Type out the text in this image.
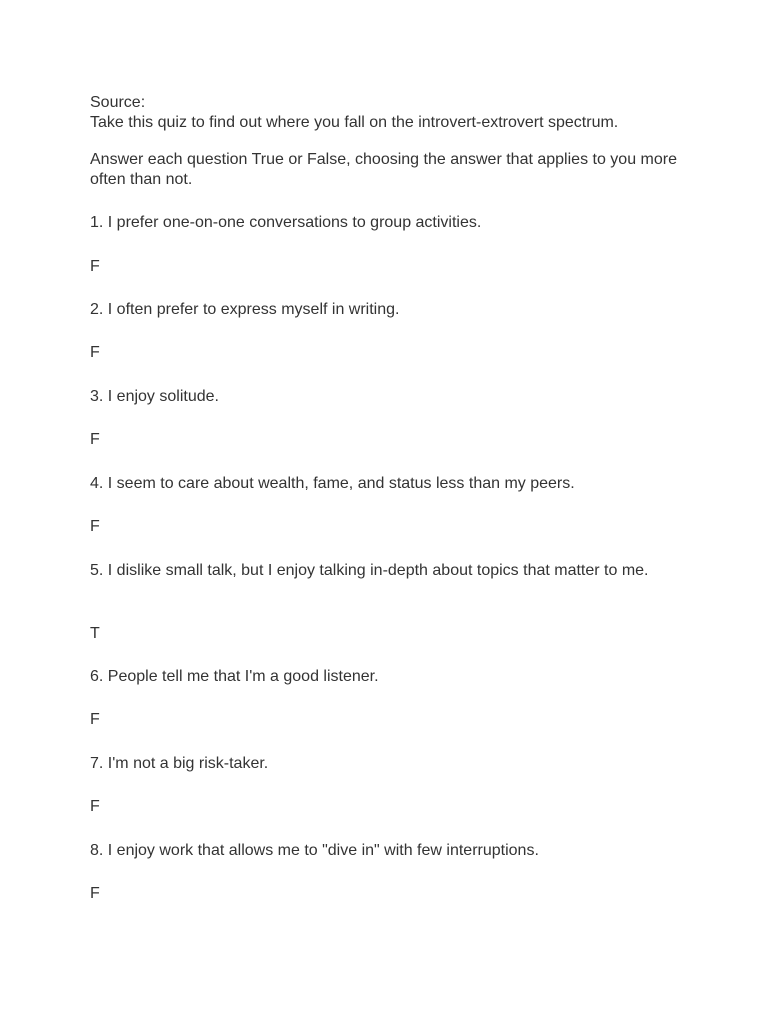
Source:
Take this quiz to find out where you fall on the introvert-extrovert spectrum.
Answer each question True or False, choosing the answer that applies to you more often than not.
1. I prefer one-on-one conversations to group activities.
F
2. I often prefer to express myself in writing.
F
3. I enjoy solitude.
F
4. I seem to care about wealth, fame, and status less than my peers.
F
5. I dislike small talk, but I enjoy talking in-depth about topics that matter to me.
T
6. People tell me that I'm a good listener.
F
7. I'm not a big risk-taker.
F
8. I enjoy work that allows me to "dive in" with few interruptions.
F
